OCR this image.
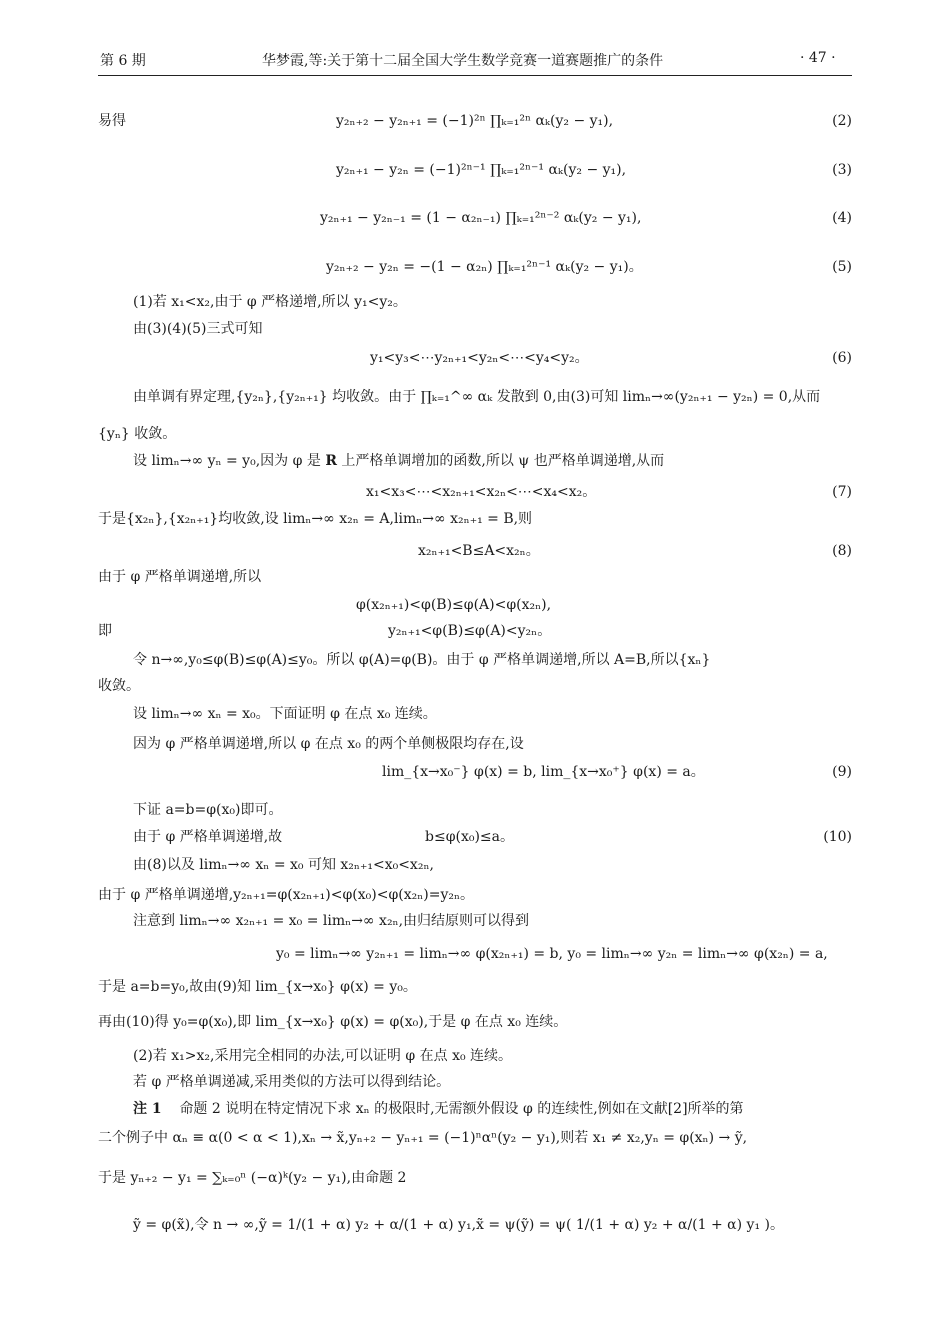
第 6 期	华梦霞,等:关于第十二届全国大学生数学竞赛一道赛题推广的条件	· 47 ·
易得	y₂ₙ₊₂ − y₂ₙ₊₁ = (−1)²ⁿ ∏ₖ₌₁²ⁿ αₖ(y₂ − y₁),	(2)
y₂ₙ₊₁ − y₂ₙ = (−1)²ⁿ⁻¹ ∏ₖ₌₁²ⁿ⁻¹ αₖ(y₂ − y₁),	(3)
y₂ₙ₊₁ − y₂ₙ₋₁ = (1 − α₂ₙ₋₁) ∏ₖ₌₁²ⁿ⁻² αₖ(y₂ − y₁),	(4)
y₂ₙ₊₂ − y₂ₙ = −(1 − α₂ₙ) ∏ₖ₌₁²ⁿ⁻¹ αₖ(y₂ − y₁)。	(5)
(1)若 x₁<x₂,由于 φ 严格递增,所以 y₁<y₂。
由(3)(4)(5)三式可知
y₁<y₃<⋯y₂ₙ₊₁<y₂ₙ<⋯<y₄<y₂。	(6)
由单调有界定理,{y₂ₙ},{y₂ₙ₊₁} 均收敛。由于 ∏ₖ₌₁^∞ αₖ 发散到 0,由(3)可知 limₙ→∞(y₂ₙ₊₁ − y₂ₙ) = 0,从而
{yₙ} 收敛。
设 limₙ→∞ yₙ = y₀,因为 φ 是 R 上严格单调增加的函数,所以 ψ 也严格单调递增,从而
x₁<x₃<⋯<x₂ₙ₊₁<x₂ₙ<⋯<x₄<x₂。	(7)
于是{x₂ₙ},{x₂ₙ₊₁}均收敛,设 limₙ→∞ x₂ₙ = A,limₙ→∞ x₂ₙ₊₁ = B,则
x₂ₙ₊₁<B≤A<x₂ₙ。	(8)
由于 φ 严格单调递增,所以
φ(x₂ₙ₊₁)<φ(B)≤φ(A)<φ(x₂ₙ),
即	y₂ₙ₊₁<φ(B)≤φ(A)<y₂ₙ。
令 n→∞,y₀≤φ(B)≤φ(A)≤y₀。所以 φ(A)=φ(B)。由于 φ 严格单调递增,所以 A=B,所以{xₙ}
收敛。
设 limₙ→∞ xₙ = x₀。下面证明 φ 在点 x₀ 连续。
因为 φ 严格单调递增,所以 φ 在点 x₀ 的两个单侧极限均存在,设
lim_{x→x₀⁻} φ(x) = b, lim_{x→x₀⁺} φ(x) = a。	(9)
下证 a=b=φ(x₀)即可。
由于 φ 严格单调递增,故	b≤φ(x₀)≤a。	(10)
由(8)以及 limₙ→∞ xₙ = x₀ 可知 x₂ₙ₊₁<x₀<x₂ₙ,
由于 φ 严格单调递增,y₂ₙ₊₁=φ(x₂ₙ₊₁)<φ(x₀)<φ(x₂ₙ)=y₂ₙ。
注意到 limₙ→∞ x₂ₙ₊₁ = x₀ = limₙ→∞ x₂ₙ,由归结原则可以得到
y₀ = limₙ→∞ y₂ₙ₊₁ = limₙ→∞ φ(x₂ₙ₊₁) = b, y₀ = limₙ→∞ y₂ₙ = limₙ→∞ φ(x₂ₙ) = a,
于是 a=b=y₀,故由(9)知 lim_{x→x₀} φ(x) = y₀。
再由(10)得 y₀=φ(x₀),即 lim_{x→x₀} φ(x) = φ(x₀),于是 φ 在点 x₀ 连续。
(2)若 x₁>x₂,采用完全相同的办法,可以证明 φ 在点 x₀ 连续。
若 φ 严格单调递减,采用类似的方法可以得到结论。
注 1 命题 2 说明在特定情况下求 xₙ 的极限时,无需额外假设 φ 的连续性,例如在文献[2]所举的第
二个例子中 αₙ ≡ α(0 < α < 1),xₙ → x̃,yₙ₊₂ − yₙ₊₁ = (−1)ⁿαⁿ(y₂ − y₁),则若 x₁ ≠ x₂,yₙ = φ(xₙ) → ỹ,
于是 yₙ₊₂ − y₁ = ∑ₖ₌₀ⁿ (−α)ᵏ(y₂ − y₁),由命题 2
ỹ = φ(x̃),令 n → ∞,ỹ = 1/(1 + α) y₂ + α/(1 + α) y₁,x̃ = ψ(ỹ) = ψ( 1/(1 + α) y₂ + α/(1 + α) y₁ )。
